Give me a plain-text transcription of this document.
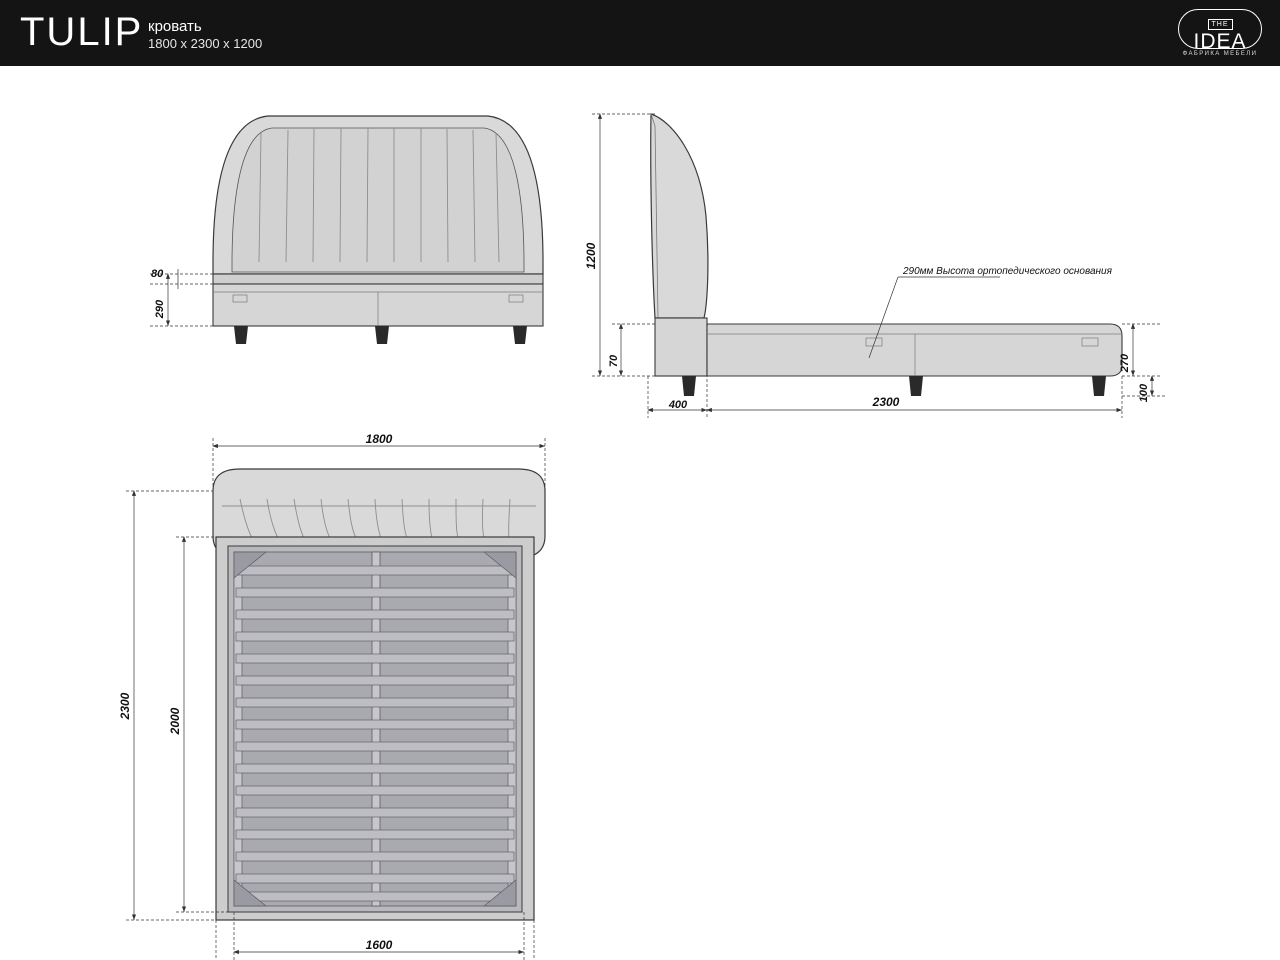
TULIP кровать
1800 x 2300 x 1200
THE
IDEA
ФАБРИКА МЕБЕЛИ
80
290
290мм Высота ортопедического основания
1200
70	270
100
400	2300
1800
2300
2000
1600
